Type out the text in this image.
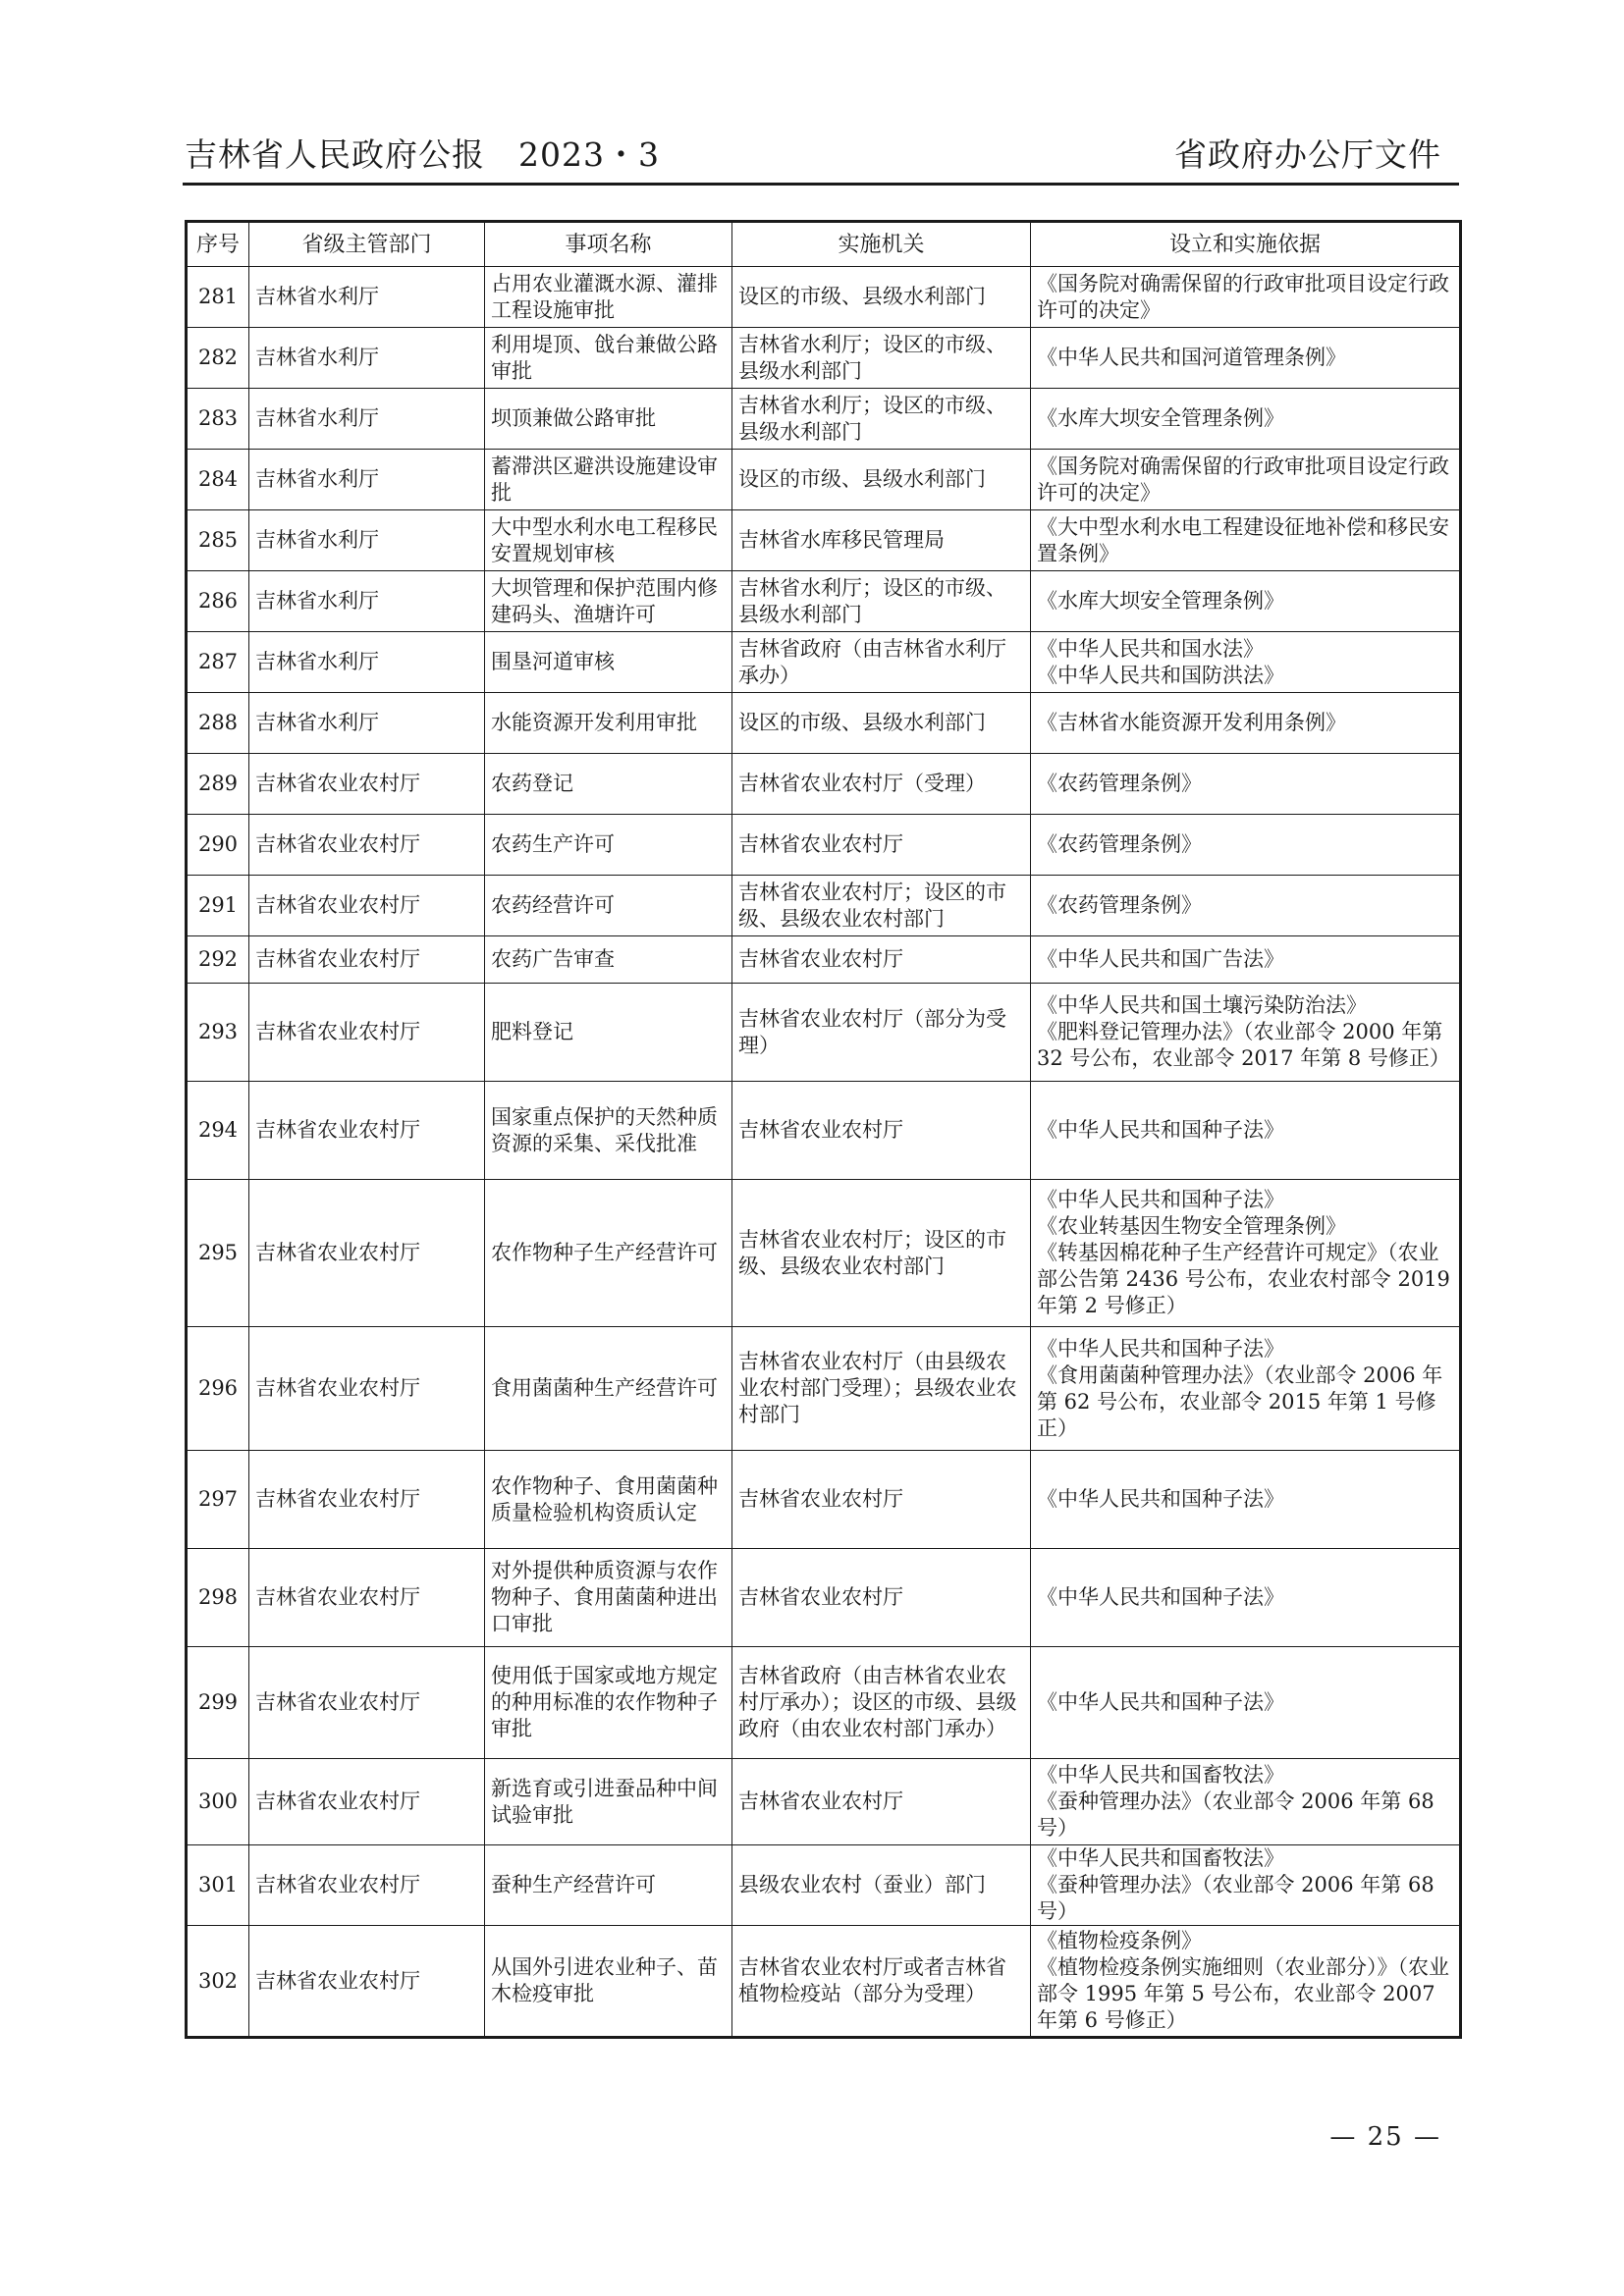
吉林省人民政府公报　2023・3	省政府办公厅文件
序号	省级主管部门	事项名称	实施机关	设立和实施依据
281	吉林省水利厅	占用农业灌溉水源、灌排工程设施审批	设区的市级、县级水利部门	《国务院对确需保留的行政审批项目设定行政许可的决定》
282	吉林省水利厅	利用堤顶、戗台兼做公路审批	吉林省水利厅；设区的市级、县级水利部门	《中华人民共和国河道管理条例》
283	吉林省水利厅	坝顶兼做公路审批	吉林省水利厅；设区的市级、县级水利部门	《水库大坝安全管理条例》
284	吉林省水利厅	蓄滞洪区避洪设施建设审批	设区的市级、县级水利部门	《国务院对确需保留的行政审批项目设定行政许可的决定》
285	吉林省水利厅	大中型水利水电工程移民安置规划审核	吉林省水库移民管理局	《大中型水利水电工程建设征地补偿和移民安置条例》
286	吉林省水利厅	大坝管理和保护范围内修建码头、渔塘许可	吉林省水利厅；设区的市级、县级水利部门	《水库大坝安全管理条例》
287	吉林省水利厅	围垦河道审核	吉林省政府（由吉林省水利厅承办）	《中华人民共和国水法》
《中华人民共和国防洪法》
288	吉林省水利厅	水能资源开发利用审批	设区的市级、县级水利部门	《吉林省水能资源开发利用条例》
289	吉林省农业农村厅	农药登记	吉林省农业农村厅（受理）	《农药管理条例》
290	吉林省农业农村厅	农药生产许可	吉林省农业农村厅	《农药管理条例》
291	吉林省农业农村厅	农药经营许可	吉林省农业农村厅；设区的市级、县级农业农村部门	《农药管理条例》
292	吉林省农业农村厅	农药广告审查	吉林省农业农村厅	《中华人民共和国广告法》
293	吉林省农业农村厅	肥料登记	吉林省农业农村厅（部分为受理）	《中华人民共和国土壤污染防治法》
《肥料登记管理办法》（农业部令 2000 年第 32 号公布，农业部令 2017 年第 8 号修正）
294	吉林省农业农村厅	国家重点保护的天然种质资源的采集、采伐批准	吉林省农业农村厅	《中华人民共和国种子法》
295	吉林省农业农村厅	农作物种子生产经营许可	吉林省农业农村厅；设区的市级、县级农业农村部门	《中华人民共和国种子法》
《农业转基因生物安全管理条例》
《转基因棉花种子生产经营许可规定》（农业部公告第 2436 号公布，农业农村部令 2019 年第 2 号修正）
296	吉林省农业农村厅	食用菌菌种生产经营许可	吉林省农业农村厅（由县级农业农村部门受理）；县级农业农村部门	《中华人民共和国种子法》
《食用菌菌种管理办法》（农业部令 2006 年第 62 号公布，农业部令 2015 年第 1 号修正）
297	吉林省农业农村厅	农作物种子、食用菌菌种质量检验机构资质认定	吉林省农业农村厅	《中华人民共和国种子法》
298	吉林省农业农村厅	对外提供种质资源与农作物种子、食用菌菌种进出口审批	吉林省农业农村厅	《中华人民共和国种子法》
299	吉林省农业农村厅	使用低于国家或地方规定的种用标准的农作物种子审批	吉林省政府（由吉林省农业农村厅承办）；设区的市级、县级政府（由农业农村部门承办）	《中华人民共和国种子法》
300	吉林省农业农村厅	新选育或引进蚕品种中间试验审批	吉林省农业农村厅	《中华人民共和国畜牧法》
《蚕种管理办法》（农业部令 2006 年第 68 号）
301	吉林省农业农村厅	蚕种生产经营许可	县级农业农村（蚕业）部门	《中华人民共和国畜牧法》
《蚕种管理办法》（农业部令 2006 年第 68 号）
302	吉林省农业农村厅	从国外引进农业种子、苗木检疫审批	吉林省农业农村厅或者吉林省植物检疫站（部分为受理）	《植物检疫条例》
《植物检疫条例实施细则（农业部分）》（农业部令 1995 年第 5 号公布，农业部令 2007 年第 6 号修正）
— 25 —
